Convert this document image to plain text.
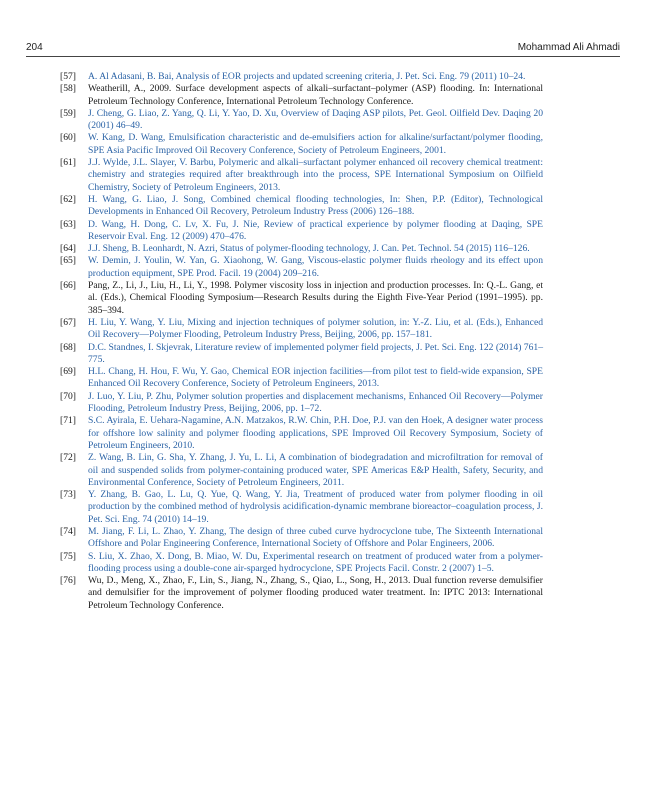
204	Mohammad Ali Ahmadi
[57] A. Al Adasani, B. Bai, Analysis of EOR projects and updated screening criteria, J. Pet. Sci. Eng. 79 (2011) 10–24.
[58] Weatherill, A., 2009. Surface development aspects of alkali–surfactant–polymer (ASP) flooding. In: International Petroleum Technology Conference, International Petroleum Technology Conference.
[59] J. Cheng, G. Liao, Z. Yang, Q. Li, Y. Yao, D. Xu, Overview of Daqing ASP pilots, Pet. Geol. Oilfield Dev. Daqing 20 (2001) 46–49.
[60] W. Kang, D. Wang, Emulsification characteristic and de-emulsifiers action for alkaline/surfactant/polymer flooding, SPE Asia Pacific Improved Oil Recovery Conference, Society of Petroleum Engineers, 2001.
[61] J.J. Wylde, J.L. Slayer, V. Barbu, Polymeric and alkali–surfactant polymer enhanced oil recovery chemical treatment: chemistry and strategies required after breakthrough into the process, SPE International Symposium on Oilfield Chemistry, Society of Petroleum Engineers, 2013.
[62] H. Wang, G. Liao, J. Song, Combined chemical flooding technologies, In: Shen, P.P. (Editor), Technological Developments in Enhanced Oil Recovery, Petroleum Industry Press (2006) 126–188.
[63] D. Wang, H. Dong, C. Lv, X. Fu, J. Nie, Review of practical experience by polymer flooding at Daqing, SPE Reservoir Eval. Eng. 12 (2009) 470–476.
[64] J.J. Sheng, B. Leonhardt, N. Azri, Status of polymer-flooding technology, J. Can. Pet. Technol. 54 (2015) 116–126.
[65] W. Demin, J. Youlin, W. Yan, G. Xiaohong, W. Gang, Viscous-elastic polymer fluids rheology and its effect upon production equipment, SPE Prod. Facil. 19 (2004) 209–216.
[66] Pang, Z., Li, J., Liu, H., Li, Y., 1998. Polymer viscosity loss in injection and production processes. In: Q.-L. Gang, et al. (Eds.), Chemical Flooding Symposium—Research Results during the Eighth Five-Year Period (1991–1995). pp. 385–394.
[67] H. Liu, Y. Wang, Y. Liu, Mixing and injection techniques of polymer solution, in: Y.-Z. Liu, et al. (Eds.), Enhanced Oil Recovery—Polymer Flooding, Petroleum Industry Press, Beijing, 2006, pp. 157–181.
[68] D.C. Standnes, I. Skjevrak, Literature review of implemented polymer field projects, J. Pet. Sci. Eng. 122 (2014) 761–775.
[69] H.L. Chang, H. Hou, F. Wu, Y. Gao, Chemical EOR injection facilities—from pilot test to field-wide expansion, SPE Enhanced Oil Recovery Conference, Society of Petroleum Engineers, 2013.
[70] J. Luo, Y. Liu, P. Zhu, Polymer solution properties and displacement mechanisms, Enhanced Oil Recovery—Polymer Flooding, Petroleum Industry Press, Beijing, 2006, pp. 1–72.
[71] S.C. Ayirala, E. Uehara-Nagamine, A.N. Matzakos, R.W. Chin, P.H. Doe, P.J. van den Hoek, A designer water process for offshore low salinity and polymer flooding applications, SPE Improved Oil Recovery Symposium, Society of Petroleum Engineers, 2010.
[72] Z. Wang, B. Lin, G. Sha, Y. Zhang, J. Yu, L. Li, A combination of biodegradation and microfiltration for removal of oil and suspended solids from polymer-containing produced water, SPE Americas E&P Health, Safety, Security, and Environmental Conference, Society of Petroleum Engineers, 2011.
[73] Y. Zhang, B. Gao, L. Lu, Q. Yue, Q. Wang, Y. Jia, Treatment of produced water from polymer flooding in oil production by the combined method of hydrolysis acidification-dynamic membrane bioreactor–coagulation process, J. Pet. Sci. Eng. 74 (2010) 14–19.
[74] M. Jiang, F. Li, L. Zhao, Y. Zhang, The design of three cubed curve hydrocyclone tube, The Sixteenth International Offshore and Polar Engineering Conference, International Society of Offshore and Polar Engineers, 2006.
[75] S. Liu, X. Zhao, X. Dong, B. Miao, W. Du, Experimental research on treatment of produced water from a polymer-flooding process using a double-cone air-sparged hydrocyclone, SPE Projects Facil. Constr. 2 (2007) 1–5.
[76] Wu, D., Meng, X., Zhao, F., Lin, S., Jiang, N., Zhang, S., Qiao, L., Song, H., 2013. Dual function reverse demulsifier and demulsifier for the improvement of polymer flooding produced water treatment. In: IPTC 2013: International Petroleum Technology Conference.
